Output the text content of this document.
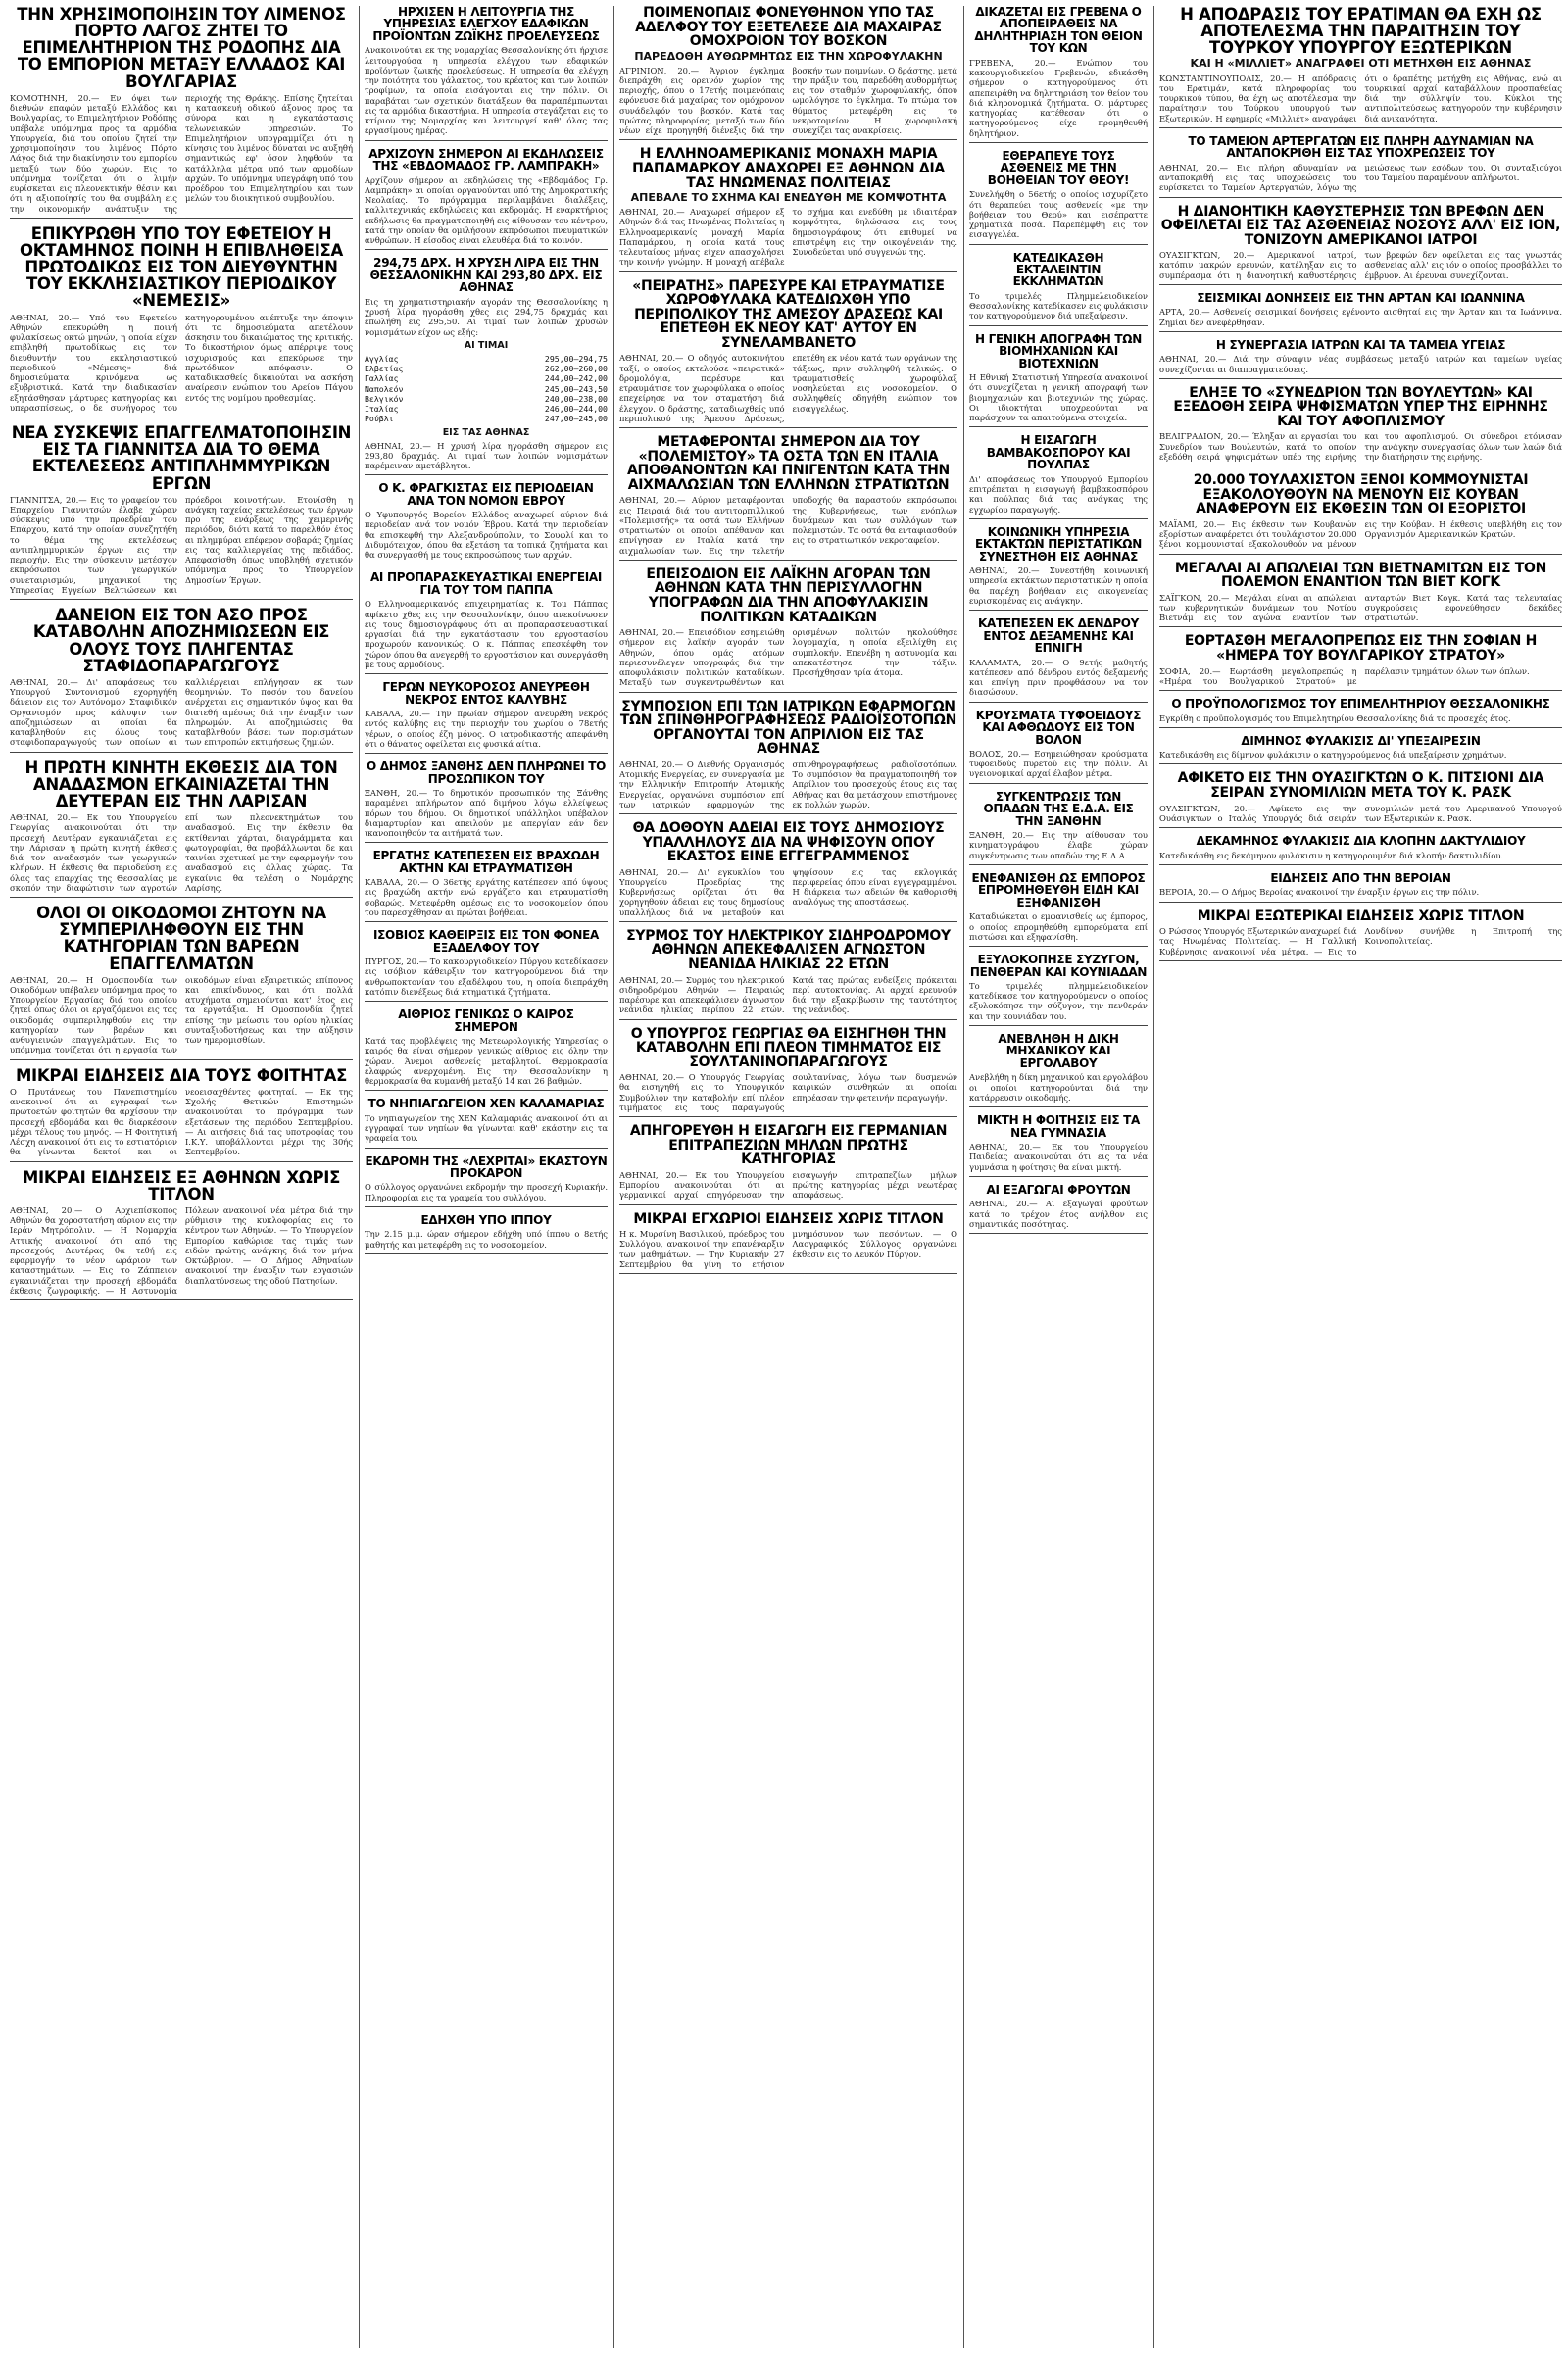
ΤΗΝ ΧΡΗΣΙΜΟΠΟΙΗΣΙΝ ΤΟΥ ΛΙΜΕΝΟΣ ΠΟΡΤΟ ΛΑΓΟΣ ΖΗΤΕΙ ΤΟ ΕΠΙΜΕΛΗΤΗΡΙΟΝ ΤΗΣ ΡΟΔΟΠΗΣ ΔΙΑ ΤΟ ΕΜΠΟΡΙΟΝ ΜΕΤΑΞΥ ΕΛΛΑΔΟΣ ΚΑΙ ΒΟΥΛΓΑΡΙΑΣ
ΚΟΜΟΤΗΝΗ, 20.— Εν όψει των διεθνών επαφών μεταξύ Ελλάδος και Βουλγαρίας, το Επιμελητήριον Ροδόπης υπέβαλε υπόμνημα προς τα αρμόδια Υπουργεία, διά του οποίου ζητεί την χρησιμοποίησιν του λιμένος Πόρτο Λάγος διά την διακίνησιν του εμπορίου μεταξύ των δύο χωρών. Εις το υπόμνημα τονίζεται ότι ο λιμήν ευρίσκεται εις πλεονεκτικήν θέσιν και ότι η αξιοποίησίς του θα συμβάλη εις την οικονομικήν ανάπτυξιν της περιοχής της Θράκης. Επίσης ζητείται η κατασκευή οδικού άξονος προς τα σύνορα και η εγκατάστασις τελωνειακών υπηρεσιών. Το Επιμελητήριον υπογραμμίζει ότι η κίνησις του λιμένος δύναται να αυξηθή σημαντικώς εφ' όσον ληφθούν τα κατάλληλα μέτρα υπό των αρμοδίων αρχών. Το υπόμνημα υπεγράφη υπό του προέδρου του Επιμελητηρίου και των μελών του διοικητικού συμβουλίου.
ΕΠΙΚΥΡΩΘΗ ΥΠΟ ΤΟΥ ΕΦΕΤΕΙΟΥ Η ΟΚΤΑΜΗΝΟΣ ΠΟΙΝΗ Η ΕΠΙΒΛΗΘΕΙΣΑ ΠΡΩΤΟΔΙΚΩΣ ΕΙΣ ΤΟΝ ΔΙΕΥΘΥΝΤΗΝ ΤΟΥ ΕΚΚΛΗΣΙΑΣΤΙΚΟΥ ΠΕΡΙΟΔΙΚΟΥ «ΝΕΜΕΣΙΣ»
ΑΘΗΝΑΙ, 20.— Υπό του Εφετείου Αθηνών επεκυρώθη η ποινή φυλακίσεως οκτώ μηνών, η οποία είχεν επιβληθή πρωτοδίκως εις τον διευθυντήν του εκκλησιαστικού περιοδικού «Νέμεσις» διά δημοσιεύματα κρινόμενα ως εξυβριστικά. Κατά την διαδικασίαν εξητάσθησαν μάρτυρες κατηγορίας και υπερασπίσεως, ο δε συνήγορος του κατηγορουμένου ανέπτυξε την άποψιν ότι τα δημοσιεύματα απετέλουν άσκησιν του δικαιώματος της κριτικής. Το δικαστήριον όμως απέρριψε τους ισχυρισμούς και επεκύρωσε την πρωτόδικον απόφασιν. Ο καταδικασθείς δικαιούται να ασκήση αναίρεσιν ενώπιον του Αρείου Πάγου εντός της νομίμου προθεσμίας.
ΝΕΑ ΣΥΣΚΕΨΙΣ ΕΠΑΓΓΕΛΜΑΤΟΠΟΙΗΣΙΝ ΕΙΣ ΤΑ ΓΙΑΝΝΙΤΣΑ ΔΙΑ ΤΟ ΘΕΜΑ ΕΚΤΕΛΕΣΕΩΣ ΑΝΤΙΠΛΗΜΜΥΡΙΚΩΝ ΕΡΓΩΝ
ΓΙΑΝΝΙΤΣΑ, 20.— Εις το γραφείον του Επαρχείου Γιαννιτσών έλαβε χώραν σύσκεψις υπό την προεδρίαν του Επάρχου, κατά την οποίαν συνεζητήθη το θέμα της εκτελέσεως αντιπλημμυρικών έργων εις την περιοχήν. Εις την σύσκεψιν μετέσχον εκπρόσωποι των γεωργικών συνεταιρισμών, μηχανικοί της Υπηρεσίας Εγγείων Βελτιώσεων και πρόεδροι κοινοτήτων. Ετονίσθη η ανάγκη ταχείας εκτελέσεως των έργων προ της ενάρξεως της χειμερινής περιόδου, διότι κατά το παρελθόν έτος αι πλημμύραι επέφερον σοβαράς ζημίας εις τας καλλιεργείας της πεδιάδος. Απεφασίσθη όπως υποβληθή σχετικόν υπόμνημα προς το Υπουργείον Δημοσίων Έργων.
ΔΑΝΕΙΟΝ ΕΙΣ ΤΟΝ ΑΣΟ ΠΡΟΣ ΚΑΤΑΒΟΛΗΝ ΑΠΟΖΗΜΙΩΣΕΩΝ ΕΙΣ ΟΛΟΥΣ ΤΟΥΣ ΠΛΗΓΕΝΤΑΣ ΣΤΑΦΙΔΟΠΑΡΑΓΩΓΟΥΣ
ΑΘΗΝΑΙ, 20.— Δι' αποφάσεως του Υπουργού Συντονισμού εχορηγήθη δάνειον εις τον Αυτόνομον Σταφιδικόν Οργανισμόν προς κάλυψιν των αποζημιώσεων αι οποίαι θα καταβληθούν εις όλους τους σταφιδοπαραγωγούς των οποίων αι καλλιέργειαι επλήγησαν εκ των θεομηνιών. Το ποσόν του δανείου ανέρχεται εις σημαντικόν ύψος και θα διατεθή αμέσως διά την έναρξιν των πληρωμών. Αι αποζημιώσεις θα καταβληθούν βάσει των πορισμάτων των επιτροπών εκτιμήσεως ζημιών.
Η ΠΡΩΤΗ ΚΙΝΗΤΗ ΕΚΘΕΣΙΣ ΔΙΑ ΤΟΝ ΑΝΑΔΑΣΜΟΝ ΕΓΚΑΙΝΙΑΖΕΤΑΙ ΤΗΝ ΔΕΥΤΕΡΑΝ ΕΙΣ ΤΗΝ ΛΑΡΙΣΑΝ
ΑΘΗΝΑΙ, 20.— Εκ του Υπουργείου Γεωργίας ανακοινούται ότι την προσεχή Δευτέραν εγκαινιάζεται εις την Λάρισαν η πρώτη κινητή έκθεσις διά τον αναδασμόν των γεωργικών κλήρων. Η έκθεσις θα περιοδεύση εις όλας τας επαρχίας της Θεσσαλίας με σκοπόν την διαφώτισιν των αγροτών επί των πλεονεκτημάτων του αναδασμού. Εις την έκθεσιν θα εκτίθενται χάρται, διαγράμματα και φωτογραφίαι, θα προβάλλωνται δε και ταινίαι σχετικαί με την εφαρμογήν του αναδασμού εις άλλας χώρας. Τα εγκαίνια θα τελέση ο Νομάρχης Λαρίσης.
ΟΛΟΙ ΟΙ ΟΙΚΟΔΟΜΟΙ ΖΗΤΟΥΝ ΝΑ ΣΥΜΠΕΡΙΛΗΦΘΟΥΝ ΕΙΣ ΤΗΝ ΚΑΤΗΓΟΡΙΑΝ ΤΩΝ ΒΑΡΕΩΝ ΕΠΑΓΓΕΛΜΑΤΩΝ
ΑΘΗΝΑΙ, 20.— Η Ομοσπονδία των Οικοδόμων υπέβαλεν υπόμνημα προς το Υπουργείον Εργασίας διά του οποίου ζητεί όπως όλοι οι εργαζόμενοι εις τας οικοδομάς συμπεριληφθούν εις την κατηγορίαν των βαρέων και ανθυγιεινών επαγγελμάτων. Εις το υπόμνημα τονίζεται ότι η εργασία των οικοδόμων είναι εξαιρετικώς επίπονος και επικίνδυνος, και ότι πολλά ατυχήματα σημειούνται κατ' έτος εις τα εργοτάξια. Η Ομοσπονδία ζητεί επίσης την μείωσιν του ορίου ηλικίας συνταξιοδοτήσεως και την αύξησιν των ημερομισθίων.
ΜΙΚΡΑΙ ΕΙΔΗΣΕΙΣ ΔΙΑ ΤΟΥΣ ΦΟΙΤΗΤΑΣ
Ο Πρυτάνεως του Πανεπιστημίου ανακοινοί ότι αι εγγραφαί των πρωτοετών φοιτητών θα αρχίσουν την προσεχή εβδομάδα και θα διαρκέσουν μέχρι τέλους του μηνός. — Η Φοιτητική Λέσχη ανακοινοί ότι εις το εστιατόριον θα γίνωνται δεκτοί και οι νεοεισαχθέντες φοιτηταί. — Εκ της Σχολής Θετικών Επιστημών ανακοινούται το πρόγραμμα των εξετάσεων της περιόδου Σεπτεμβρίου. — Αι αιτήσεις διά τας υποτροφίας του Ι.Κ.Υ. υποβάλλονται μέχρι της 30ής Σεπτεμβρίου.
ΜΙΚΡΑΙ ΕΙΔΗΣΕΙΣ ΕΞ ΑΘΗΝΩΝ ΧΩΡΙΣ ΤΙΤΛΟΝ
ΑΘΗΝΑΙ, 20.— Ο Αρχιεπίσκοπος Αθηνών θα χοροστατήση αύριον εις την Ιεράν Μητρόπολιν. — Η Νομαρχία Αττικής ανακοινοί ότι από της προσεχούς Δευτέρας θα τεθή εις εφαρμογήν το νέον ωράριον των καταστημάτων. — Εις το Ζάππειον εγκαινιάζεται την προσεχή εβδομάδα έκθεσις ζωγραφικής. — Η Αστυνομία Πόλεων ανακοινοί νέα μέτρα διά την ρύθμισιν της κυκλοφορίας εις το κέντρον των Αθηνών. — Το Υπουργείον Εμπορίου καθώρισε τας τιμάς των ειδών πρώτης ανάγκης διά τον μήνα Οκτώβριον. — Ο Δήμος Αθηναίων ανακοινοί την έναρξιν των εργασιών διαπλατύνσεως της οδού Πατησίων.
ΗΡΧΙΣΕΝ Η ΛΕΙΤΟΥΡΓΙΑ ΤΗΣ ΥΠΗΡΕΣΙΑΣ ΕΛΕΓΧΟΥ ΕΔΑΦΙΚΩΝ ΠΡΟΪΟΝΤΩΝ ΖΩΪΚΗΣ ΠΡΟΕΛΕΥΣΕΩΣ
Ανακοινούται εκ της νομαρχίας Θεσσαλονίκης ότι ήρχισε λειτουργούσα η υπηρεσία ελέγχου των εδαφικών προϊόντων ζωικής προελεύσεως. Η υπηρεσία θα ελέγχη την ποιότητα του γάλακτος, του κρέατος και των λοιπών τροφίμων, τα οποία εισάγονται εις την πόλιν. Οι παραβάται των σχετικών διατάξεων θα παραπέμπωνται εις τα αρμόδια δικαστήρια. Η υπηρεσία στεγάζεται εις το κτίριον της Νομαρχίας και λειτουργεί καθ' όλας τας εργασίμους ημέρας.
ΑΡΧΙΖΟΥΝ ΣΗΜΕΡΟΝ ΑΙ ΕΚΔΗΛΩΣΕΙΣ ΤΗΣ «ΕΒΔΟΜΑΔΟΣ ΓΡ. ΛΑΜΠΡΑΚΗ»
Αρχίζουν σήμερον αι εκδηλώσεις της «Εβδομάδος Γρ. Λαμπράκη» αι οποίαι οργανούνται υπό της Δημοκρατικής Νεολαίας. Το πρόγραμμα περιλαμβάνει διαλέξεις, καλλιτεχνικάς εκδηλώσεις και εκδρομάς. Η εναρκτήριος εκδήλωσις θα πραγματοποιηθή εις αίθουσαν του κέντρου, κατά την οποίαν θα ομιλήσουν εκπρόσωποι πνευματικών ανθρώπων. Η είσοδος είναι ελευθέρα διά το κοινόν.
294,75 ΔΡΧ. Η ΧΡΥΣΗ ΛΙΡΑ ΕΙΣ ΤΗΝ ΘΕΣΣΑΛΟΝΙΚΗΝ ΚΑΙ 293,80 ΔΡΧ. ΕΙΣ ΑΘΗΝΑΣ
Εις τη χρηματιστηριακήν αγοράν της Θεσσαλονίκης η χρυσή λίρα ηγοράσθη χθες εις 294,75 δραχμάς και επωλήθη εις 295,50. Αι τιμαί των λοιπών χρυσών νομισμάτων είχον ως εξής:
ΑΙ ΤΙΜΑΙ
Αγγλίας	295,00—294,75
Ελβετίας	262,00—260,00
Γαλλίας	244,00—242,00
Ναπολεόν	245,00—243,50
Βελγικόν	240,00—238,00
Ιταλίας	246,00—244,00
Ρούβλι	247,00—245,00
ΕΙΣ ΤΑΣ ΑΘΗΝΑΣ
ΑΘΗΝΑΙ, 20.— Η χρυσή λίρα ηγοράσθη σήμερον εις 293,80 δραχμάς. Αι τιμαί των λοιπών νομισμάτων παρέμειναν αμετάβλητοι.
Ο Κ. ΦΡΑΓΚΙΣΤΑΣ ΕΙΣ ΠΕΡΙΟΔΕΙΑΝ ΑΝΑ ΤΟΝ ΝΟΜΟΝ ΕΒΡΟΥ
Ο Υφυπουργός Βορείου Ελλάδος αναχωρεί αύριον διά περιοδείαν ανά τον νομόν Έβρου. Κατά την περιοδείαν θα επισκεφθή την Αλεξανδρούπολιν, το Σουφλί και το Διδυμότειχον, όπου θα εξετάση τα τοπικά ζητήματα και θα συνεργασθή με τους εκπροσώπους των αρχών.
ΑΙ ΠΡΟΠΑΡΑΣΚΕΥΑΣΤΙΚΑΙ ΕΝΕΡΓΕΙΑΙ ΓΙΑ ΤΟΥ ΤΟΜ ΠΑΠΠΑ
Ο Ελληνοαμερικανός επιχειρηματίας κ. Τομ Πάππας αφίκετο χθες εις την Θεσσαλονίκην, όπου ανεκοίνωσεν εις τους δημοσιογράφους ότι αι προπαρασκευαστικαί εργασίαι διά την εγκατάστασιν του εργοστασίου προχωρούν κανονικώς. Ο κ. Πάππας επεσκέφθη τον χώρον όπου θα ανεγερθή το εργοστάσιον και συνεργάσθη με τους αρμοδίους.
ΓΕΡΩΝ ΝΕΥΚΟΡΟΣΟΣ ΑΝΕΥΡΕΘΗ ΝΕΚΡΟΣ ΕΝΤΟΣ ΚΑΛΥΒΗΣ
ΚΑΒΑΛΑ, 20.— Την πρωίαν σήμερον ανευρέθη νεκρός εντός καλύβης εις την περιοχήν του χωρίου ο 78ετής γέρων, ο οποίος έζη μόνος. Ο ιατροδικαστής απεφάνθη ότι ο θάνατος οφείλεται εις φυσικά αίτια.
Ο ΔΗΜΟΣ ΞΑΝΘΗΣ ΔΕΝ ΠΛΗΡΩΝΕΙ ΤΟ ΠΡΟΣΩΠΙΚΟΝ ΤΟΥ
ΞΑΝΘΗ, 20.— Το δημοτικόν προσωπικόν της Ξάνθης παραμένει απλήρωτον από διμήνου λόγω ελλείψεως πόρων του δήμου. Οι δημοτικοί υπάλληλοι υπέβαλον διαμαρτυρίαν και απειλούν με απεργίαν εάν δεν ικανοποιηθούν τα αιτήματά των.
ΕΡΓΑΤΗΣ ΚΑΤΕΠΕΣΕΝ ΕΙΣ ΒΡΑΧΩΔΗ ΑΚΤΗΝ ΚΑΙ ΕΤΡΑΥΜΑΤΙΣΘΗ
ΚΑΒΑΛΑ, 20.— Ο 36ετής εργάτης κατέπεσεν από ύψους εις βραχώδη ακτήν ενώ εργάζετο και ετραυματίσθη σοβαρώς. Μετεφέρθη αμέσως εις το νοσοκομείον όπου του παρεσχέθησαν αι πρώται βοήθειαι.
ΙΣΟΒΙΟΣ ΚΑΘΕΙΡΞΙΣ ΕΙΣ ΤΟΝ ΦΟΝΕΑ ΕΞΑΔΕΛΦΟΥ ΤΟΥ
ΠΥΡΓΟΣ, 20.— Το κακουργιοδικείον Πύργου κατεδίκασεν εις ισόβιον κάθειρξιν τον κατηγορούμενον διά την ανθρωποκτονίαν του εξαδέλφου του, η οποία διεπράχθη κατόπιν διενέξεως διά κτηματικά ζητήματα.
ΑΙΘΡΙΟΣ ΓΕΝΙΚΩΣ Ο ΚΑΙΡΟΣ ΣΗΜΕΡΟΝ
Κατά τας προβλέψεις της Μετεωρολογικής Υπηρεσίας ο καιρός θα είναι σήμερον γενικώς αίθριος εις όλην την χώραν. Άνεμοι ασθενείς μεταβλητοί. Θερμοκρασία ελαφρώς ανερχομένη. Εις την Θεσσαλονίκην η θερμοκρασία θα κυμανθή μεταξύ 14 και 26 βαθμών.
ΤΟ ΝΗΠΙΑΓΩΓΕΙΟΝ ΧΕΝ ΚΑΛΑΜΑΡΙΑΣ
Το νηπιαγωγείον της ΧΕΝ Καλαμαριάς ανακοινοί ότι αι εγγραφαί των νηπίων θα γίνωνται καθ' εκάστην εις τα γραφεία του.
ΕΚΔΡΟΜΗ ΤΗΣ «ΛΕΧΡΙΤΑΙ» ΕΚΑΣΤΟΥΝ ΠΡΟΚΑΡΟΝ
Ο σύλλογος οργανώνει εκδρομήν την προσεχή Κυριακήν. Πληροφορίαι εις τα γραφεία του συλλόγου.
ΕΔΗΧΘΗ ΥΠΟ ΙΠΠΟΥ
Την 2.15 μ.μ. ώραν σήμερον εδήχθη υπό ίππου ο 8ετής μαθητής και μετεφέρθη εις το νοσοκομείον.
ΠΟΙΜΕΝΟΠΑΙΣ ΦΟΝΕΥΘΗΝΟΝ ΥΠΟ ΤΑΣ ΑΔΕΛΦΟΥ ΤΟΥ ΕΞΕΤΕΛΕΣΕ ΔΙΑ ΜΑΧΑΙΡΑΣ ΟΜΟΧΡΟΙΟΝ ΤΟΥ ΒΟΣΚΟΝ
ΠΑΡΕΔΟΘΗ ΑΥΘΩΡΜΗΤΩΣ ΕΙΣ ΤΗΝ ΧΩΡΟΦΥΛΑΚΗΝ
ΑΓΡΙΝΙΟΝ, 20.— Άγριον έγκλημα διεπράχθη εις ορεινόν χωρίον της περιοχής, όπου ο 17ετής ποιμενόπαις εφόνευσε διά μαχαίρας τον ομόχρονον συνάδελφόν του βοσκόν. Κατά τας πρώτας πληροφορίας, μεταξύ των δύο νέων είχε προηγηθή διένεξις διά την βοσκήν των ποιμνίων. Ο δράστης, μετά την πράξιν του, παρεδόθη αυθορμήτως εις τον σταθμόν χωροφυλακής, όπου ωμολόγησε το έγκλημα. Το πτώμα του θύματος μετεφέρθη εις το νεκροτομείον. Η χωροφυλακή συνεχίζει τας ανακρίσεις.
Η ΕΛΛΗΝΟΑΜΕΡΙΚΑΝΙΣ ΜΟΝΑΧΗ ΜΑΡΙΑ ΠΑΠΑΜΑΡΚΟΥ ΑΝΑΧΩΡΕΙ ΕΞ ΑΘΗΝΩΝ ΔΙΑ ΤΑΣ ΗΝΩΜΕΝΑΣ ΠΟΛΙΤΕΙΑΣ
ΑΠΕΒΑΛΕ ΤΟ ΣΧΗΜΑ ΚΑΙ ΕΝΕΔΥΘΗ ΜΕ ΚΟΜΨΟΤΗΤΑ
ΑΘΗΝΑΙ, 20.— Αναχωρεί σήμερον εξ Αθηνών διά τας Ηνωμένας Πολιτείας η Ελληνοαμερικανίς μοναχή Μαρία Παπαμάρκου, η οποία κατά τους τελευταίους μήνας είχεν απασχολήσει την κοινήν γνώμην. Η μοναχή απέβαλε το σχήμα και ενεδύθη με ιδιαιτέραν κομψότητα, δηλώσασα εις τους δημοσιογράφους ότι επιθυμεί να επιστρέψη εις την οικογένειάν της. Συνοδεύεται υπό συγγενών της.
«ΠΕΙΡΑΤΗΣ» ΠΑΡΕΣΥΡΕ ΚΑΙ ΕΤΡΑΥΜΑΤΙΣΕ ΧΩΡΟΦΥΛΑΚΑ ΚΑΤΕΔΙΩΧΘΗ ΥΠΟ ΠΕΡΙΠΟΛΙΚΟΥ ΤΗΣ ΑΜΕΣΟΥ ΔΡΑΣΕΩΣ ΚΑΙ ΕΠΕΤΕΘΗ ΕΚ ΝΕΟΥ ΚΑΤ' ΑΥΤΟΥ ΕΝ ΣΥΝΕΛΑΜΒΑΝΕΤΟ
ΑΘΗΝΑΙ, 20.— Ο οδηγός αυτοκινήτου ταξί, ο οποίος εκτελούσε «πειρατικά» δρομολόγια, παρέσυρε και ετραυμάτισε τον χωροφύλακα ο οποίος επεχείρησε να τον σταματήση διά έλεγχον. Ο δράστης, καταδιωχθείς υπό περιπολικού της Άμεσου Δράσεως, επετέθη εκ νέου κατά των οργάνων της τάξεως, πριν συλληφθή τελικώς. Ο τραυματισθείς χωροφύλαξ νοσηλεύεται εις νοσοκομείον. Ο συλληφθείς οδηγήθη ενώπιον του εισαγγελέως.
ΜΕΤΑΦΕΡΟΝΤΑΙ ΣΗΜΕΡΟΝ ΔΙΑ ΤΟΥ «ΠΟΛΕΜΙΣΤΟΥ» ΤΑ ΟΣΤΑ ΤΩΝ ΕΝ ΙΤΑΛΙΑ ΑΠΟΘΑΝΟΝΤΩΝ ΚΑΙ ΠΝΙΓΕΝΤΩΝ ΚΑΤΑ ΤΗΝ ΑΙΧΜΑΛΩΣΙΑΝ ΤΩΝ ΕΛΛΗΝΩΝ ΣΤΡΑΤΙΩΤΩΝ
ΑΘΗΝΑΙ, 20.— Αύριον μεταφέρονται εις Πειραιά διά του αντιτορπιλλικού «Πολεμιστής» τα οστά των Ελλήνων στρατιωτών οι οποίοι απέθανον και επνίγησαν εν Ιταλία κατά την αιχμαλωσίαν των. Εις την τελετήν υποδοχής θα παραστούν εκπρόσωποι της Κυβερνήσεως, των ενόπλων δυνάμεων και των συλλόγων των πολεμιστών. Τα οστά θα ενταφιασθούν εις το στρατιωτικόν νεκροταφείον.
ΕΠΕΙΣΟΔΙΟΝ ΕΙΣ ΛΑΪΚΗΝ ΑΓΟΡΑΝ ΤΩΝ ΑΘΗΝΩΝ ΚΑΤΑ ΤΗΝ ΠΕΡΙΣΥΛΛΟΓΗΝ ΥΠΟΓΡΑΦΩΝ ΔΙΑ ΤΗΝ ΑΠΟΦΥΛΑΚΙΣΙΝ ΠΟΛΙΤΙΚΩΝ ΚΑΤΑΔΙΚΩΝ
ΑΘΗΝΑΙ, 20.— Επεισόδιον εσημειώθη σήμερον εις λαϊκήν αγοράν των Αθηνών, όπου ομάς ατόμων περιεσυνέλεγεν υπογραφάς διά την αποφυλάκισιν πολιτικών καταδίκων. Μεταξύ των συγκεντρωθέντων και ορισμένων πολιτών ηκολούθησε λογομαχία, η οποία εξειλίχθη εις συμπλοκήν. Επενέβη η αστυνομία και απεκατέστησε την τάξιν. Προσήχθησαν τρία άτομα.
ΣΥΜΠΟΣΙΟΝ ΕΠΙ ΤΩΝ ΙΑΤΡΙΚΩΝ ΕΦΑΡΜΟΓΩΝ ΤΩΝ ΣΠΙΝΘΗΡΟΓΡΑΦΗΣΕΩΣ ΡΑΔΙΟΪΣΟΤΟΠΩΝ ΟΡΓΑΝΟΥΤΑΙ ΤΟΝ ΑΠΡΙΛΙΟΝ ΕΙΣ ΤΑΣ ΑΘΗΝΑΣ
ΑΘΗΝΑΙ, 20.— Ο Διεθνής Οργανισμός Ατομικής Ενεργείας, εν συνεργασία με την Ελληνικήν Επιτροπήν Ατομικής Ενεργείας, οργανώνει συμπόσιον επί των ιατρικών εφαρμογών της σπινθηρογραφήσεως ραδιοϊσοτόπων. Το συμπόσιον θα πραγματοποιηθή τον Απρίλιον του προσεχούς έτους εις τας Αθήνας και θα μετάσχουν επιστήμονες εκ πολλών χωρών.
ΘΑ ΔΟΘΟΥΝ ΑΔΕΙΑΙ ΕΙΣ ΤΟΥΣ ΔΗΜΟΣΙΟΥΣ ΥΠΑΛΛΗΛΟΥΣ ΔΙΑ ΝΑ ΨΗΦΙΣΟΥΝ ΟΠΟΥ ΕΚΑΣΤΟΣ ΕΙΝΕ ΕΓΓΕΓΡΑΜΜΕΝΟΣ
ΑΘΗΝΑΙ, 20.— Δι' εγκυκλίου του Υπουργείου Προεδρίας της Κυβερνήσεως ορίζεται ότι θα χορηγηθούν άδειαι εις τους δημοσίους υπαλλήλους διά να μεταβούν και ψηφίσουν εις τας εκλογικάς περιφερείας όπου είναι εγγεγραμμένοι. Η διάρκεια των αδειών θα καθορισθή αναλόγως της αποστάσεως.
ΣΥΡΜΟΣ ΤΟΥ ΗΛΕΚΤΡΙΚΟΥ ΣΙΔΗΡΟΔΡΟΜΟΥ ΑΘΗΝΩΝ ΑΠΕΚΕΦΑΛΙΣΕΝ ΑΓΝΩΣΤΟΝ ΝΕΑΝΙΔΑ ΗΛΙΚΙΑΣ 22 ΕΤΩΝ
ΑΘΗΝΑΙ, 20.— Συρμός του ηλεκτρικού σιδηροδρόμου Αθηνών — Πειραιώς παρέσυρε και απεκεφάλισεν άγνωστον νεάνιδα ηλικίας περίπου 22 ετών. Κατά τας πρώτας ενδείξεις πρόκειται περί αυτοκτονίας. Αι αρχαί ερευνούν διά την εξακρίβωσιν της ταυτότητος της νεάνιδος.
Ο ΥΠΟΥΡΓΟΣ ΓΕΩΡΓΙΑΣ ΘΑ ΕΙΣΗΓΗΘΗ ΤΗΝ ΚΑΤΑΒΟΛΗΝ ΕΠΙ ΠΛΕΟΝ ΤΙΜΗΜΑΤΟΣ ΕΙΣ ΣΟΥΛΤΑΝΙΝΟΠΑΡΑΓΩΓΟΥΣ
ΑΘΗΝΑΙ, 20.— Ο Υπουργός Γεωργίας θα εισηγηθή εις το Υπουργικόν Συμβούλιον την καταβολήν επί πλέον τιμήματος εις τους παραγωγούς σουλτανίνας, λόγω των δυσμενών καιρικών συνθηκών αι οποίαι επηρέασαν την φετεινήν παραγωγήν.
ΑΠΗΓΟΡΕΥΘΗ Η ΕΙΣΑΓΩΓΗ ΕΙΣ ΓΕΡΜΑΝΙΑΝ ΕΠΙΤΡΑΠΕΖΙΩΝ ΜΗΛΩΝ ΠΡΩΤΗΣ ΚΑΤΗΓΟΡΙΑΣ
ΑΘΗΝΑΙ, 20.— Εκ του Υπουργείου Εμπορίου ανακοινούται ότι αι γερμανικαί αρχαί απηγόρευσαν την εισαγωγήν επιτραπεζίων μήλων πρώτης κατηγορίας μέχρι νεωτέρας αποφάσεως.
ΜΙΚΡΑΙ ΕΓΧΩΡΙΟΙ ΕΙΔΗΣΕΙΣ ΧΩΡΙΣ ΤΙΤΛΟΝ
Η κ. Μυρσίνη Βασιλικού, πρόεδρος του Συλλόγου, ανακοινοί την επανέναρξιν των μαθημάτων. — Την Κυριακήν 27 Σεπτεμβρίου θα γίνη το ετήσιον μνημόσυνον των πεσόντων. — Ο Λαογραφικός Σύλλογος οργανώνει έκθεσιν εις το Λευκόν Πύργον.
ΔΙΚΑΖΕΤΑΙ ΕΙΣ ΓΡΕΒΕΝΑ Ο ΑΠΟΠΕΙΡΑΘΕΙΣ ΝΑ ΔΗΛΗΤΗΡΙΑΣΗ ΤΟΝ ΘΕΙΟΝ ΤΟΥ ΚΩΝ
ΓΡΕΒΕΝΑ, 20.— Ενώπιον του κακουργιοδικείου Γρεβενών, εδικάσθη σήμερον ο κατηγορούμενος ότι απεπειράθη να δηλητηριάση τον θείον του διά κληρονομικά ζητήματα. Οι μάρτυρες κατηγορίας κατέθεσαν ότι ο κατηγορούμενος είχε προμηθευθή δηλητήριον.
ΕΘΕΡΑΠΕΥΕ ΤΟΥΣ ΑΣΘΕΝΕΙΣ ΜΕ ΤΗΝ ΒΟΗΘΕΙΑΝ ΤΟΥ ΘΕΟΥ!
Συνελήφθη ο 56ετής ο οποίος ισχυρίζετο ότι θεραπεύει τους ασθενείς «με την βοήθειαν του Θεού» και εισέπραττε χρηματικά ποσά. Παρεπέμφθη εις τον εισαγγελέα.
ΚΑΤΕΔΙΚΑΣΘΗ ΕΚΤΑΛΕΙΝΤΙΝ ΕΚΚΛΗΜΑΤΩΝ
Το τριμελές Πλημμελειοδικείον Θεσσαλονίκης κατεδίκασεν εις φυλάκισιν τον κατηγορούμενον διά υπεξαίρεσιν.
Η ΓΕΝΙΚΗ ΑΠΟΓΡΑΦΗ ΤΩΝ ΒΙΟΜΗΧΑΝΙΩΝ ΚΑΙ ΒΙΟΤΕΧΝΙΩΝ
Η Εθνική Στατιστική Υπηρεσία ανακοινοί ότι συνεχίζεται η γενική απογραφή των βιομηχανιών και βιοτεχνιών της χώρας. Οι ιδιοκτήται υποχρεούνται να παράσχουν τα απαιτούμενα στοιχεία.
Η ΕΙΣΑΓΩΓΗ ΒΑΜΒΑΚΟΣΠΟΡΟΥ ΚΑΙ ΠΟΥΛΠΑΣ
Δι' αποφάσεως του Υπουργού Εμπορίου επιτρέπεται η εισαγωγή βαμβακοσπόρου και πούλπας διά τας ανάγκας της εγχωρίου παραγωγής.
ΚΟΙΝΩΝΙΚΗ ΥΠΗΡΕΣΙΑ ΕΚΤΑΚΤΩΝ ΠΕΡΙΣΤΑΤΙΚΩΝ ΣΥΝΕΣΤΗΘΗ ΕΙΣ ΑΘΗΝΑΣ
ΑΘΗΝΑΙ, 20.— Συνεστήθη κοινωνική υπηρεσία εκτάκτων περιστατικών η οποία θα παρέχη βοήθειαν εις οικογενείας ευρισκομένας εις ανάγκην.
ΚΑΤΕΠΕΣΕΝ ΕΚ ΔΕΝΔΡΟΥ ΕΝΤΟΣ ΔΕΞΑΜΕΝΗΣ ΚΑΙ ΕΠΝΙΓΗ
ΚΑΛΑΜΑΤΑ, 20.— Ο 9ετής μαθητής κατέπεσεν από δένδρου εντός δεξαμενής και επνίγη πριν προφθάσουν να τον διασώσουν.
ΚΡΟΥΣΜΑΤΑ ΤΥΦΟΕΙΔΟΥΣ ΚΑΙ ΑΦΘΩΔΟΥΣ ΕΙΣ ΤΟΝ ΒΟΛΟΝ
ΒΟΛΟΣ, 20.— Εσημειώθησαν κρούσματα τυφοειδούς πυρετού εις την πόλιν. Αι υγειονομικαί αρχαί έλαβον μέτρα.
ΣΥΓΚΕΝΤΡΩΣΙΣ ΤΩΝ ΟΠΑΔΩΝ ΤΗΣ Ε.Δ.Α. ΕΙΣ ΤΗΝ ΞΑΝΘΗΝ
ΞΑΝΘΗ, 20.— Εις την αίθουσαν του κινηματογράφου έλαβε χώραν συγκέντρωσις των οπαδών της Ε.Δ.Α.
ΕΝΕΦΑΝΙΣΘΗ ΩΣ ΕΜΠΟΡΟΣ ΕΠΡΟΜΗΘΕΥΘΗ ΕΙΔΗ ΚΑΙ ΕΞΗΦΑΝΙΣΘΗ
Καταδιώκεται ο εμφανισθείς ως έμπορος, ο οποίος επρομηθεύθη εμπορεύματα επί πιστώσει και εξηφανίσθη.
ΕΞΥΛΟΚΟΠΗΣΕ ΣΥΖΥΓΟΝ, ΠΕΝΘΕΡΑΝ ΚΑΙ ΚΟΥΝΙΑΔΑΝ
Το τριμελές πλημμελειοδικείον κατεδίκασε τον κατηγορούμενον ο οποίος εξυλοκόπησε την σύζυγον, την πενθεράν και την κουνιάδαν του.
ΑΝΕΒΛΗΘΗ Η ΔΙΚΗ ΜΗΧΑΝΙΚΟΥ ΚΑΙ ΕΡΓΟΛΑΒΟΥ
Ανεβλήθη η δίκη μηχανικού και εργολάβου οι οποίοι κατηγορούνται διά την κατάρρευσιν οικοδομής.
ΜΙΚΤΗ Η ΦΟΙΤΗΣΙΣ ΕΙΣ ΤΑ ΝΕΑ ΓΥΜΝΑΣΙΑ
ΑΘΗΝΑΙ, 20.— Εκ του Υπουργείου Παιδείας ανακοινούται ότι εις τα νέα γυμνάσια η φοίτησις θα είναι μικτή.
ΑΙ ΕΞΑΓΩΓΑΙ ΦΡΟΥΤΩΝ
ΑΘΗΝΑΙ, 20.— Αι εξαγωγαί φρούτων κατά το τρέχον έτος ανήλθον εις σημαντικάς ποσότητας.
Η ΑΠΟΔΡΑΣΙΣ ΤΟΥ ΕΡΑΤΙΜΑΝ ΘΑ ΕΧΗ ΩΣ ΑΠΟΤΕΛΕΣΜΑ ΤΗΝ ΠΑΡΑΙΤΗΣΙΝ ΤΟΥ ΤΟΥΡΚΟΥ ΥΠΟΥΡΓΟΥ ΕΞΩΤΕΡΙΚΩΝ
ΚΑΙ Η «ΜΙΛΛΙΕΤ» ΑΝΑΓΡΑΦΕΙ ΟΤΙ ΜΕΤΗΧΘΗ ΕΙΣ ΑΘΗΝΑΣ
ΚΩΝΣΤΑΝΤΙΝΟΥΠΟΛΙΣ, 20.— Η απόδρασις του Ερατιμάν, κατά πληροφορίας του τουρκικού τύπου, θα έχη ως αποτέλεσμα την παραίτησιν του Τούρκου υπουργού των Εξωτερικών. Η εφημερίς «Μιλλιέτ» αναγράφει ότι ο δραπέτης μετήχθη εις Αθήνας, ενώ αι τουρκικαί αρχαί καταβάλλουν προσπαθείας διά την σύλληψίν του. Κύκλοι της αντιπολιτεύσεως κατηγορούν την κυβέρνησιν διά ανικανότητα.
ΤΟ ΤΑΜΕΙΟΝ ΑΡΤΕΡΓΑΤΩΝ ΕΙΣ ΠΛΗΡΗ ΑΔΥΝΑΜΙΑΝ ΝΑ ΑΝΤΑΠΟΚΡΙΘΗ ΕΙΣ ΤΑΣ ΥΠΟΧΡΕΩΣΕΙΣ ΤΟΥ
ΑΘΗΝΑΙ, 20.— Εις πλήρη αδυναμίαν να ανταποκριθή εις τας υποχρεώσεις του ευρίσκεται το Ταμείον Αρτεργατών, λόγω της μειώσεως των εσόδων του. Οι συνταξιούχοι του Ταμείου παραμένουν απλήρωτοι.
Η ΔΙΑΝΟΗΤΙΚΗ ΚΑΘΥΣΤΕΡΗΣΙΣ ΤΩΝ ΒΡΕΦΩΝ ΔΕΝ ΟΦΕΙΛΕΤΑΙ ΕΙΣ ΤΑΣ ΑΣΘΕΝΕΙΑΣ ΝΟΣΟΥΣ ΑΛΛ' ΕΙΣ ΙΟΝ, ΤΟΝΙΖΟΥΝ ΑΜΕΡΙΚΑΝΟΙ ΙΑΤΡΟΙ
ΟΥΑΣΙΓΚΤΩΝ, 20.— Αμερικανοί ιατροί, κατόπιν μακρών ερευνών, κατέληξαν εις το συμπέρασμα ότι η διανοητική καθυστέρησις των βρεφών δεν οφείλεται εις τας γνωστάς ασθενείας αλλ' εις ιόν ο οποίος προσβάλλει το έμβρυον. Αι έρευναι συνεχίζονται.
ΣΕΙΣΜΙΚΑΙ ΔΟΝΗΣΕΙΣ ΕΙΣ ΤΗΝ ΑΡΤΑΝ ΚΑΙ ΙΩΑΝΝΙΝΑ
ΑΡΤΑ, 20.— Ασθενείς σεισμικαί δονήσεις εγένοντο αισθηταί εις την Άρταν και τα Ιωάννινα. Ζημίαι δεν ανεφέρθησαν.
Η ΣΥΝΕΡΓΑΣΙΑ ΙΑΤΡΩΝ ΚΑΙ ΤΑ ΤΑΜΕΙΑ ΥΓΕΙΑΣ
ΑΘΗΝΑΙ, 20.— Διά την σύναψιν νέας συμβάσεως μεταξύ ιατρών και ταμείων υγείας συνεχίζονται αι διαπραγματεύσεις.
ΕΛΗΞΕ ΤΟ «ΣΥΝΕΔΡΙΟΝ ΤΩΝ ΒΟΥΛΕΥΤΩΝ» ΚΑΙ ΕΞΕΔΟΘΗ ΣΕΙΡΑ ΨΗΦΙΣΜΑΤΩΝ ΥΠΕΡ ΤΗΣ ΕΙΡΗΝΗΣ ΚΑΙ ΤΟΥ ΑΦΟΠΛΙΣΜΟΥ
ΒΕΛΙΓΡΑΔΙΟΝ, 20.— Έληξαν αι εργασίαι του Συνεδρίου των Βουλευτών, κατά το οποίον εξεδόθη σειρά ψηφισμάτων υπέρ της ειρήνης και του αφοπλισμού. Οι σύνεδροι ετόνισαν την ανάγκην συνεργασίας όλων των λαών διά την διατήρησιν της ειρήνης.
20.000 ΤΟΥΛΑΧΙΣΤΟΝ ΞΕΝΟΙ ΚΟΜΜΟΥΝΙΣΤΑΙ ΕΞΑΚΟΛΟΥΘΟΥΝ ΝΑ ΜΕΝΟΥΝ ΕΙΣ ΚΟΥΒΑΝ ΑΝΑΦΕΡΟΥΝ ΕΙΣ ΕΚΘΕΣΙΝ ΤΩΝ ΟΙ ΕΞΟΡΙΣΤΟΙ
ΜΑΪΑΜΙ, 20.— Εις έκθεσιν των Κουβανών εξορίστων αναφέρεται ότι τουλάχιστον 20.000 ξένοι κομμουνισταί εξακολουθούν να μένουν εις την Κούβαν. Η έκθεσις υπεβλήθη εις τον Οργανισμόν Αμερικανικών Κρατών.
ΜΕΓΑΛΑΙ ΑΙ ΑΠΩΛΕΙΑΙ ΤΩΝ ΒΙΕΤΝΑΜΙΤΩΝ ΕΙΣ ΤΟΝ ΠΟΛΕΜΟΝ ΕΝΑΝΤΙΟΝ ΤΩΝ ΒΙΕΤ ΚΟΓΚ
ΣΑΪΓΚΟΝ, 20.— Μεγάλαι είναι αι απώλειαι των κυβερνητικών δυνάμεων του Νοτίου Βιετνάμ εις τον αγώνα εναντίον των ανταρτών Βιετ Κογκ. Κατά τας τελευταίας συγκρούσεις εφονεύθησαν δεκάδες στρατιωτών.
ΕΟΡΤΑΣΘΗ ΜΕΓΑΛΟΠΡΕΠΩΣ ΕΙΣ ΤΗΝ ΣΟΦΙΑΝ Η «ΗΜΕΡΑ ΤΟΥ ΒΟΥΛΓΑΡΙΚΟΥ ΣΤΡΑΤΟΥ»
ΣΟΦΙΑ, 20.— Εωρτάσθη μεγαλοπρεπώς η «Ημέρα του Βουλγαρικού Στρατού» με παρέλασιν τμημάτων όλων των όπλων.
Ο ΠΡΟΫΠΟΛΟΓΙΣΜΟΣ ΤΟΥ ΕΠΙΜΕΛΗΤΗΡΙΟΥ ΘΕΣΣΑΛΟΝΙΚΗΣ
Εγκρίθη ο προϋπολογισμός του Επιμελητηρίου Θεσσαλονίκης διά το προσεχές έτος.
ΔΙΜΗΝΟΣ ΦΥΛΑΚΙΣΙΣ ΔΙ' ΥΠΕΞΑΙΡΕΣΙΝ
Κατεδικάσθη εις δίμηνον φυλάκισιν ο κατηγορούμενος διά υπεξαίρεσιν χρημάτων.
ΑΦΙΚΕΤΟ ΕΙΣ ΤΗΝ ΟΥΑΣΙΓΚΤΩΝ Ο Κ. ΠΙΤΣΙΟΝΙ ΔΙΑ ΣΕΙΡΑΝ ΣΥΝΟΜΙΛΙΩΝ ΜΕΤΑ ΤΟΥ Κ. ΡΑΣΚ
ΟΥΑΣΙΓΚΤΩΝ, 20.— Αφίκετο εις την Ουάσιγκτων ο Ιταλός Υπουργός διά σειράν συνομιλιών μετά του Αμερικανού Υπουργού των Εξωτερικών κ. Ρασκ.
ΔΕΚΑΜΗΝΟΣ ΦΥΛΑΚΙΣΙΣ ΔΙΑ ΚΛΟΠΗΝ ΔΑΚΤΥΛΙΔΙΟΥ
Κατεδικάσθη εις δεκάμηνον φυλάκισιν η κατηγορουμένη διά κλοπήν δακτυλιδίου.
ΕΙΔΗΣΕΙΣ ΑΠΟ ΤΗΝ ΒΕΡΟΙΑΝ
ΒΕΡΟΙΑ, 20.— Ο Δήμος Βεροίας ανακοινοί την έναρξιν έργων εις την πόλιν.
ΜΙΚΡΑΙ ΕΞΩΤΕΡΙΚΑΙ ΕΙΔΗΣΕΙΣ ΧΩΡΙΣ ΤΙΤΛΟΝ
Ο Ρώσσος Υπουργός Εξωτερικών αναχωρεί διά τας Ηνωμένας Πολιτείας. — Η Γαλλική Κυβέρνησις ανακοινοί νέα μέτρα. — Εις το Λονδίνον συνήλθε η Επιτροπή της Κοινοπολιτείας.
